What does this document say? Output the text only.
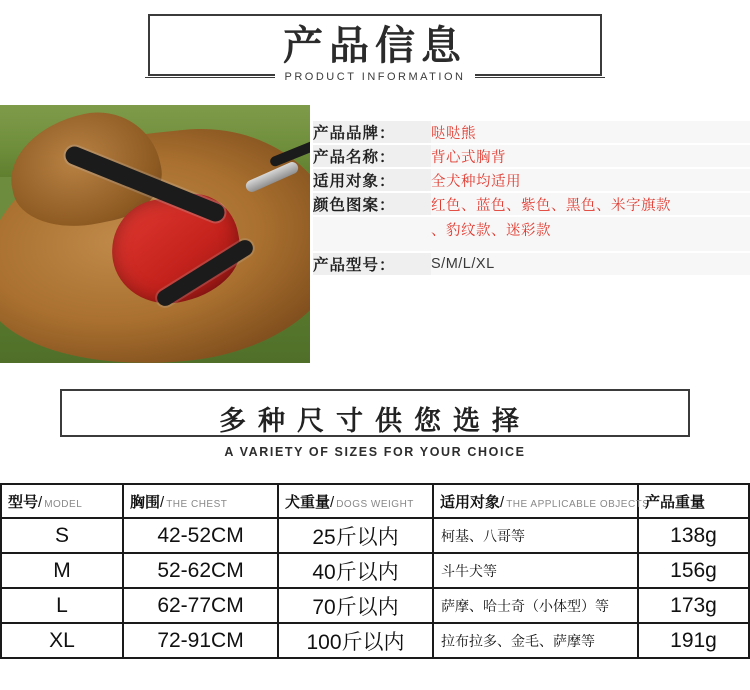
产品信息
PRODUCT INFORMATION
产品品牌：	哒哒熊
产品名称：	背心式胸背
适用对象：	全犬种均适用
颜色图案：	红色、蓝色、紫色、黑色、米字旗款
	、豹纹款、迷彩款
产品型号：	S/M/L/XL
多种尺寸供您选择
A VARIETY OF SIZES FOR YOUR CHOICE
型号/ MODEL	胸围/ THE CHEST	犬重量/ DOGS WEIGHT	适用对象/ THE APPLICABLE OBJECTS	产品重量
S	42-52CM	25斤以内	柯基、八哥等	138g
M	52-62CM	40斤以内	斗牛犬等	156g
L	62-77CM	70斤以内	萨摩、哈士奇（小体型）等	173g
XL	72-91CM	100斤以内	拉布拉多、金毛、萨摩等	191g
